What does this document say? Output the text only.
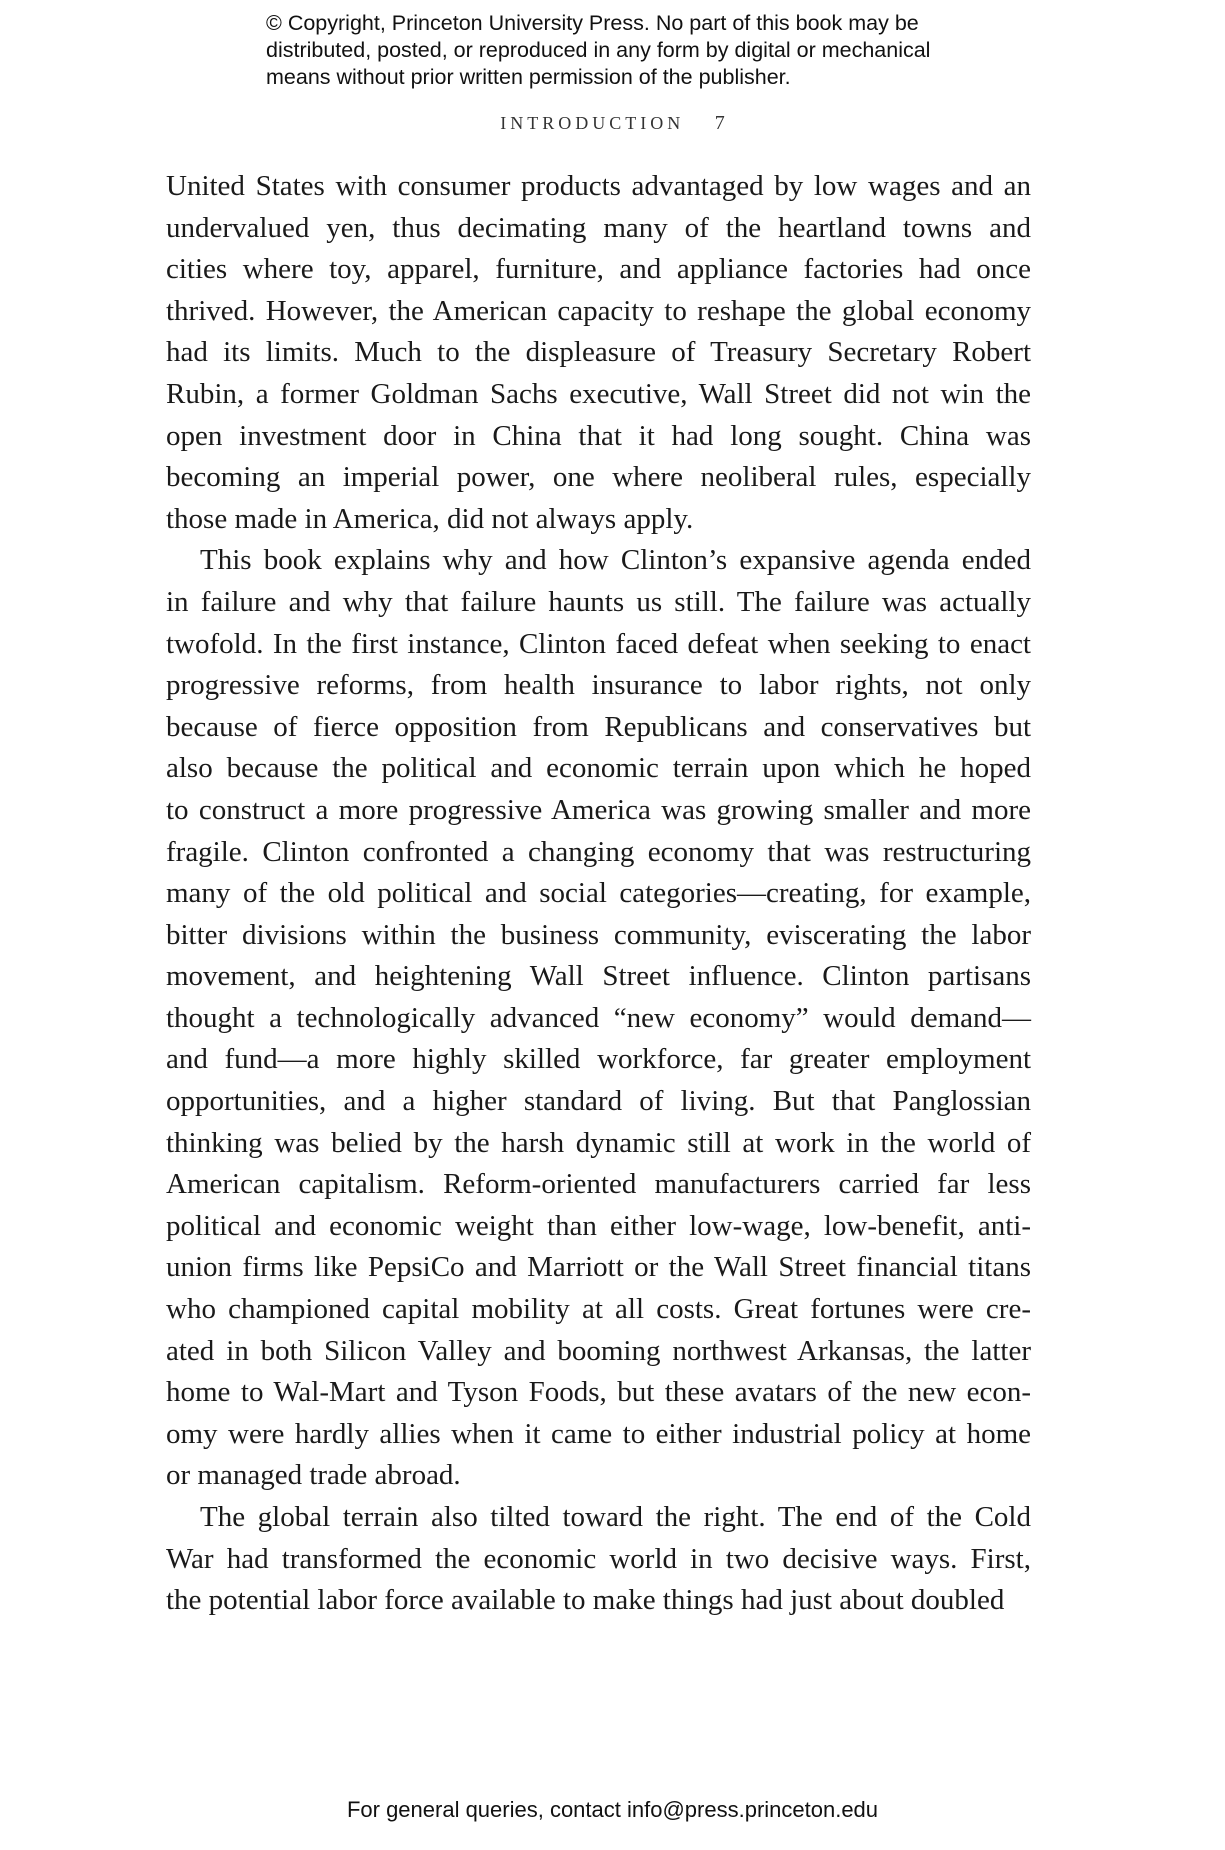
© Copyright, Princeton University Press. No part of this book may be
distributed, posted, or reproduced in any form by digital or mechanical
means without prior written permission of the publisher.
INTRODUCTION 7
United States with consumer products advantaged by low wages and an
undervalued yen, thus decimating many of the heartland towns and
cities where toy, apparel, furniture, and appliance factories had once
thrived. However, the American capacity to reshape the global economy
had its limits. Much to the displeasure of Treasury Secretary Robert
Rubin, a former Goldman Sachs executive, Wall Street did not win the
open investment door in China that it had long sought. China was
becoming an imperial power, one where neoliberal rules, especially
those made in America, did not always apply.
This book explains why and how Clinton’s expansive agenda ended
in failure and why that failure haunts us still. The failure was actually
twofold. In the first instance, Clinton faced defeat when seeking to enact
progressive reforms, from health insurance to labor rights, not only
because of fierce opposition from Republicans and conservatives but
also because the political and economic terrain upon which he hoped
to construct a more progressive America was growing smaller and more
fragile. Clinton confronted a changing economy that was restructuring
many of the old political and social categories—creating, for example,
bitter divisions within the business community, eviscerating the labor
movement, and heightening Wall Street influence. Clinton partisans
thought a technologically advanced “new economy” would demand—
and fund—a more highly skilled workforce, far greater employment
opportunities, and a higher standard of living. But that Panglossian
thinking was belied by the harsh dynamic still at work in the world of
American capitalism. Reform-oriented manufacturers carried far less
political and economic weight than either low-wage, low-benefit, anti-
union firms like PepsiCo and Marriott or the Wall Street financial titans
who championed capital mobility at all costs. Great fortunes were cre-
ated in both Silicon Valley and booming northwest Arkansas, the latter
home to Wal-Mart and Tyson Foods, but these avatars of the new econ-
omy were hardly allies when it came to either industrial policy at home
or managed trade abroad.
The global terrain also tilted toward the right. The end of the Cold
War had transformed the economic world in two decisive ways. First,
the potential labor force available to make things had just about doubled
For general queries, contact info@press.princeton.edu
